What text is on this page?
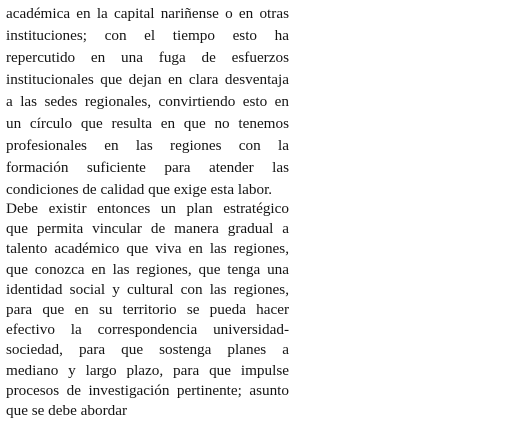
académica en la capital nariñense o en otras
instituciones; con el tiempo esto ha
repercutido en una fuga de esfuerzos
institucionales que dejan en clara desventaja
a las sedes regionales, convirtiendo esto en
un círculo que resulta en que no tenemos
profesionales en las regiones con la
formación suficiente para atender las
condiciones de calidad que exige esta labor.
Debe existir entonces un plan estratégico
que permita vincular de manera gradual a
talento académico que viva en las regiones,
que conozca en las regiones, que tenga una
identidad social y cultural con las regiones,
para que en su territorio se pueda hacer
efectivo la correspondencia universidad-
sociedad, para que sostenga planes a
mediano y largo plazo, para que impulse
procesos de investigación pertinente; asunto
que se debe abordar
